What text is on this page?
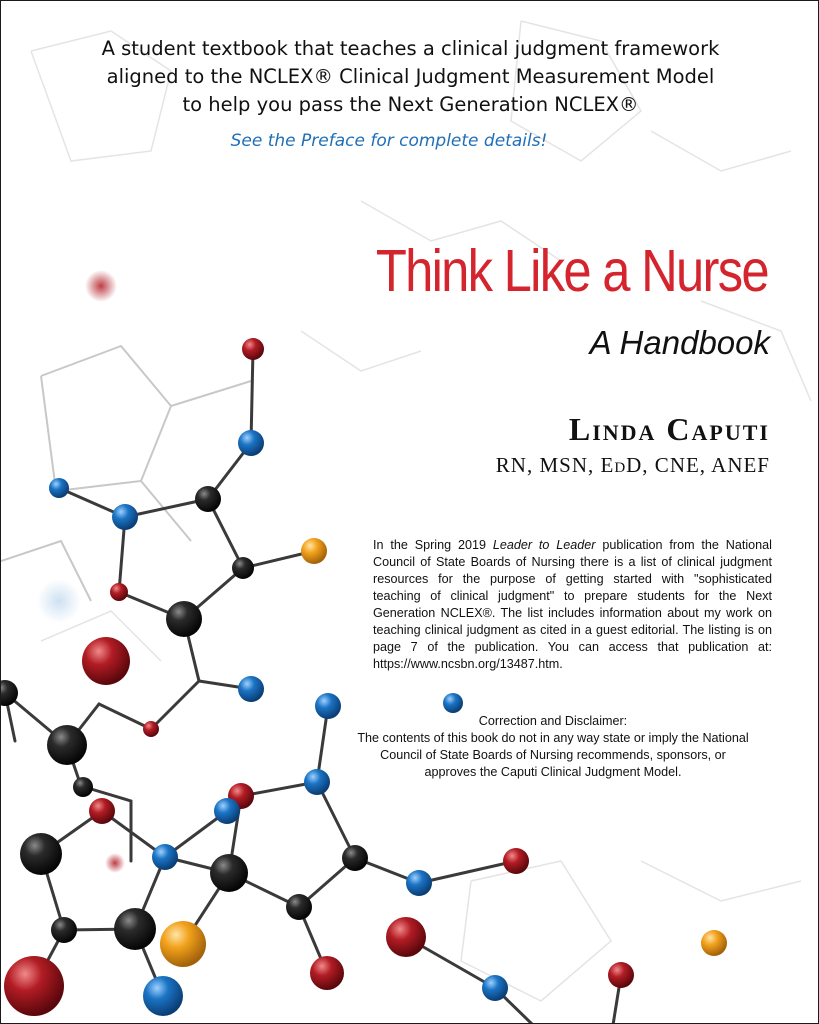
A student textbook that teaches a clinical judgment framework
aligned to the NCLEX® Clinical Judgment Measurement Model
to help you pass the Next Generation NCLEX®
See the Preface for complete details!
Think Like a Nurse
A Handbook
Linda Caputi
RN, MSN, EdD, CNE, ANEF
In the Spring 2019 Leader to Leader publication from the National Council of State Boards of Nursing there is a list of clinical judgment resources for the purpose of getting started with "sophisticated teaching of clinical judgment" to prepare students for the Next Generation NCLEX®. The list includes information about my work on teaching clinical judgment as cited in a guest editorial. The listing is on page 7 of the publication. You can access that publication at: https://www.ncsbn.org/13487.htm.
Correction and Disclaimer:
The contents of this book do not in any way state or imply the National Council of State Boards of Nursing recommends, sponsors, or approves the Caputi Clinical Judgment Model.
